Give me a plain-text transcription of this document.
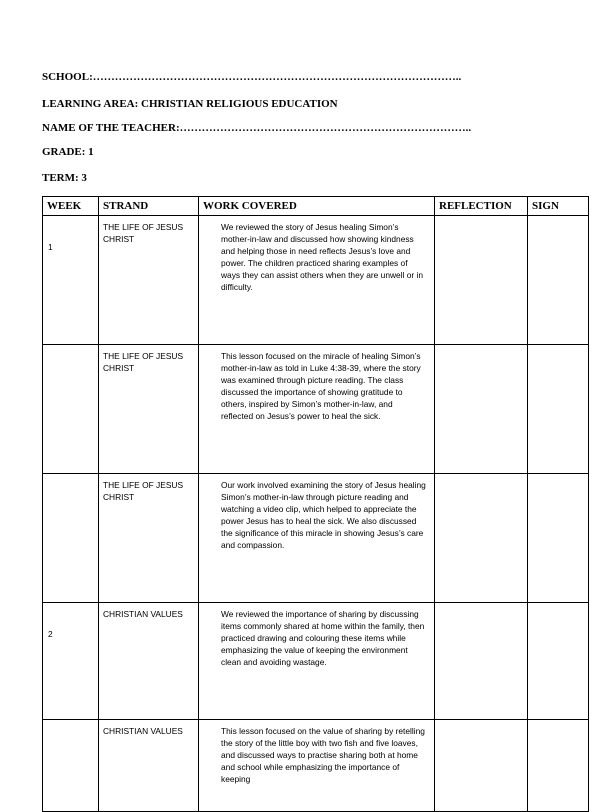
SCHOOL:………………………………………………………………………………………..

LEARNING AREA: CHRISTIAN RELIGIOUS EDUCATION

NAME OF THE TEACHER:……………………………………………………………………..

GRADE: 1

TERM: 3

WEEK	STRAND	WORK COVERED	REFLECTION	SIGN

1	THE LIFE OF JESUS CHRIST	We reviewed the story of Jesus healing Simon’s mother-in-law and discussed how showing kindness and helping those in need reflects Jesus’s love and power. The children practiced sharing examples of ways they can assist others when they are unwell or in difficulty.		

	THE LIFE OF JESUS CHRIST	This lesson focused on the miracle of healing Simon’s mother-in-law as told in Luke 4:38-39, where the story was examined through picture reading. The class discussed the importance of showing gratitude to others, inspired by Simon’s mother-in-law, and reflected on Jesus’s power to heal the sick.		

	THE LIFE OF JESUS CHRIST	Our work involved examining the story of Jesus healing Simon’s mother-in-law through picture reading and watching a video clip, which helped to appreciate the power Jesus has to heal the sick. We also discussed the significance of this miracle in showing Jesus’s care and compassion.		

2	CHRISTIAN VALUES	We reviewed the importance of sharing by discussing items commonly shared at home within the family, then practiced drawing and colouring these items while emphasizing the value of keeping the environment clean and avoiding wastage.		

	CHRISTIAN VALUES	This lesson focused on the value of sharing by retelling the story of the little boy with two fish and five loaves, and discussed ways to practise sharing both at home and school while emphasizing the importance of keeping		
